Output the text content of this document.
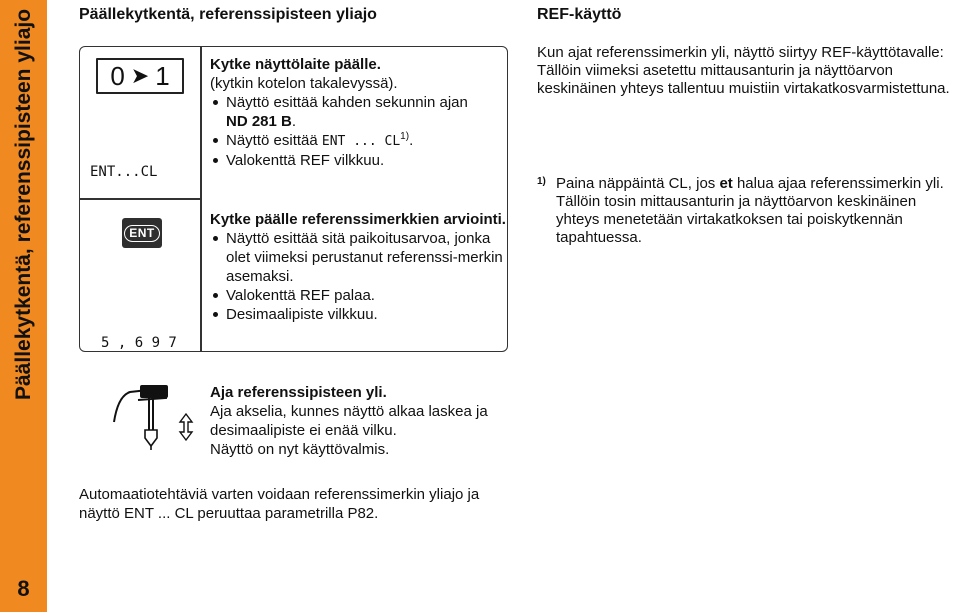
Päällekytkentä, referenssipisteen yliajo
8
Päällekytkentä, referenssipisteen yliajo
0 ➤ 1
ENT...CL
ENT
5 , 6 9 7

Kytke näyttölaite päälle.

(kytkin kotelon takalevyssä).

Näyttö esittää kahden sekunnin ajan
ND 281 B.
Näyttö esittää ENT ... CL$^{1)}$.
Valokenttä REF vilkkuu.

Kytke päälle referenssimerkkien arviointi.

Näyttö esittää sitä paikoitusarvoa, jonka olet viimeksi perustanut referenssi-merkin asemaksi.
Valokenttä REF palaa.
Desimaalipiste vilkkuu.

Aja referenssipisteen yli.

Aja akselia, kunnes näyttö alkaa laskea ja desimaalipiste ei enää vilku.

Näyttö on nyt käyttövalmis.

Automaatiotehtäviä varten voidaan referenssimerkin yliajo ja näyttö ENT ... CL peruuttaa parametrilla P82.

REF-käyttö

Kun ajat referenssimerkin yli, näyttö siirtyy REF-käyttötavalle: Tällöin viimeksi asetettu mittausanturin ja näyttöarvon keskinäinen yhteys tallentuu muistiin virtakatkosvarmistettuna.

1) Paina näppäintä CL, jos et halua ajaa referenssimerkin yli. Tällöin tosin mittausanturin ja näyttöarvon keskinäinen yhteys menetetään virtakatkoksen tai poiskytkennän tapahtuessa.
